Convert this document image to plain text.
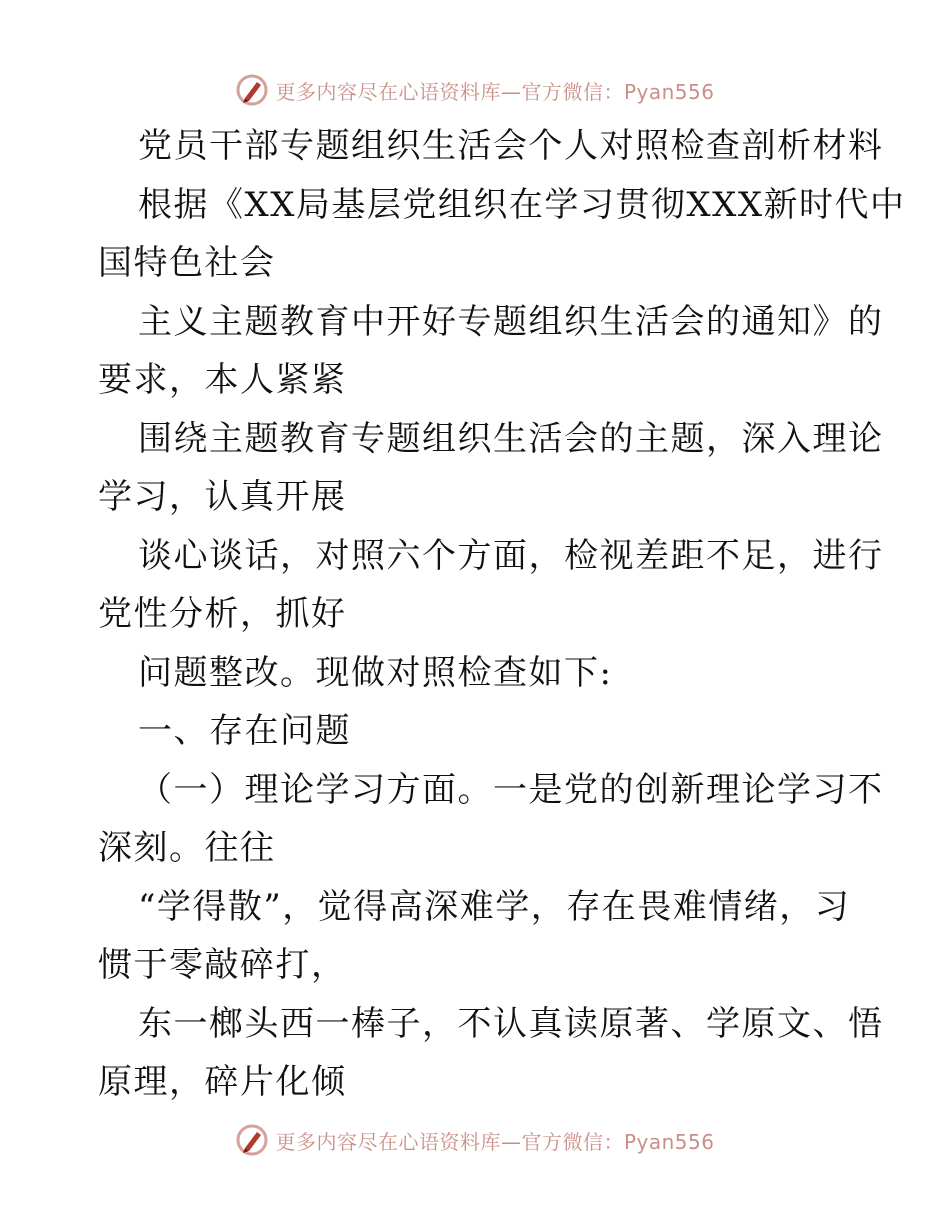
更多内容尽在心语资料库—官方微信：Pyan556
党员干部专题组织生活会个人对照检查剖析材料
根据《XX局基层党组织在学习贯彻XXX新时代中
国特色社会
主义主题教育中开好专题组织生活会的通知》的
要求，本人紧紧
围绕主题教育专题组织生活会的主题，深入理论
学习，认真开展
谈心谈话，对照六个方面，检视差距不足，进行
党性分析，抓好
问题整改。现做对照检查如下:
一、存在问题
（一）理论学习方面。一是党的创新理论学习不
深刻。往往
“学得散”，觉得高深难学，存在畏难情绪，习
惯于零敲碎打，
东一榔头西一棒子，不认真读原著、学原文、悟
原理，碎片化倾
更多内容尽在心语资料库—官方微信：Pyan556
